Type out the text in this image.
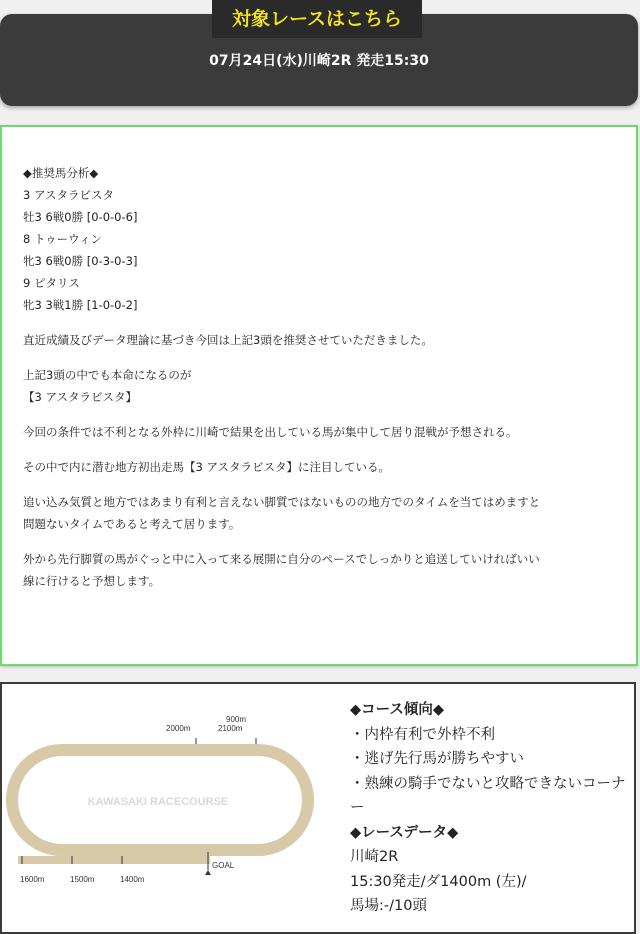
対象レースはこちら
07月24日(水)川崎2R 発走15:30

◆推奨馬分析◆

3 アスタラビスタ

牡3 6戦0勝 [0-0-0-6]

8 トゥーウィン

牝3 6戦0勝 [0-3-0-3]

9 ピタリス

牝3 3戦1勝 [1-0-0-2]

直近成績及びデータ理論に基づき今回は上記3頭を推奨させていただきました。

上記3頭の中でも本命になるのが
【3 アスタラビスタ】

今回の条件では不利となる外枠に川崎で結果を出している馬が集中して居り混戦が予想される。

その中で内に潜む地方初出走馬【3 アスタラビスタ】に注目している。

追い込み気質と地方ではあまり有利と言えない脚質ではないものの地方でのタイムを当てはめますと
問題ないタイムであると考えて居ります。

外から先行脚質の馬がぐっと中に入って来る展開に自分のペースでしっかりと追送していければいい
線に行けると予想します。

KAWASAKI RACECOURSE
2000m
900m
2100m
1600m	1500m	1400m
GOAL

◆コース傾向◆

・内枠有利で外枠不利

・逃げ先行馬が勝ちやすい

・熟練の騎手でないと攻略できないコーナー

◆レースデータ◆

川崎2R

15:30発走/ダ1400m (左)/

馬場:-/10頭
